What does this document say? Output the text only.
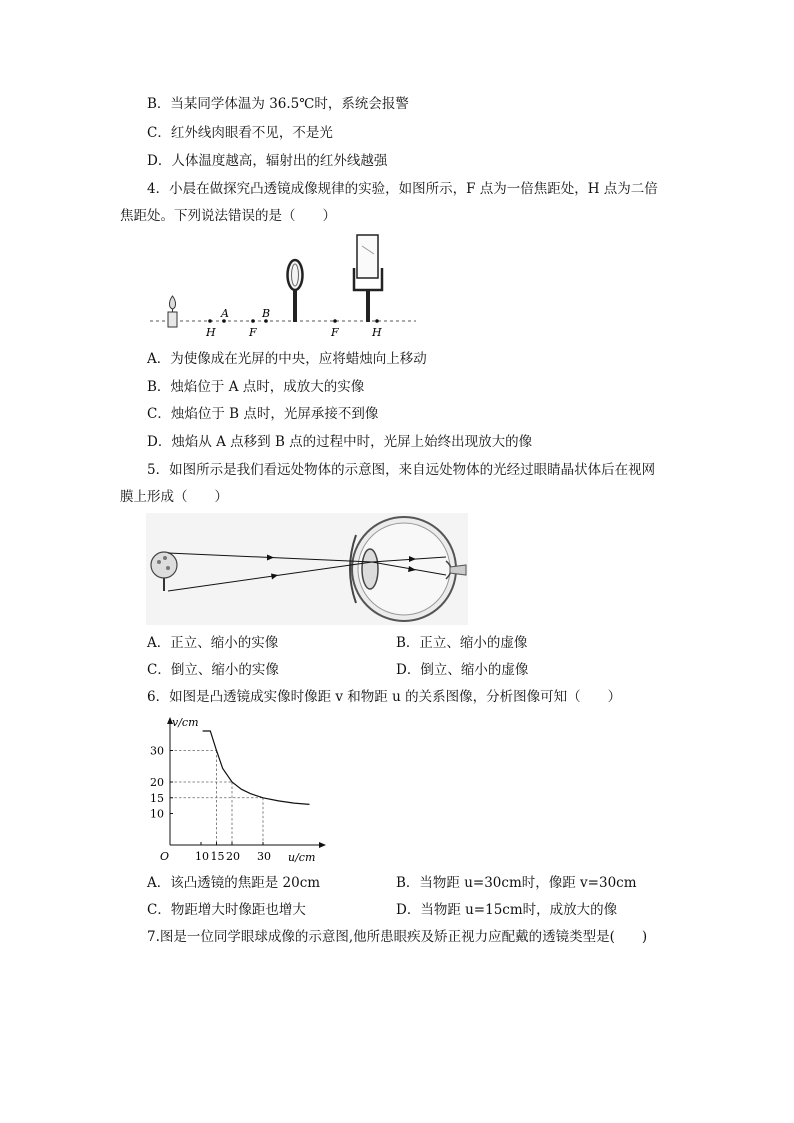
B．当某同学体温为 36.5℃时，系统会报警
C．红外线肉眼看不见，不是光
D．人体温度越高，辐射出的红外线越强
4．小晨在做探究凸透镜成像规律的实验，如图所示，F 点为一倍焦距处，H 点为二倍
焦距处。下列说法错误的是（　　）
H
A
F
B
F	H
A．为使像成在光屏的中央，应将蜡烛向上移动
B．烛焰位于 A 点时，成放大的实像
C．烛焰位于 B 点时，光屏承接不到像
D．烛焰从 A 点移到 B 点的过程中时，光屏上始终出现放大的像
5．如图所示是我们看远处物体的示意图，来自远处物体的光经过眼睛晶状体后在视网
膜上形成（　　）
A．正立、缩小的实像	B．正立、缩小的虚像
C．倒立、缩小的实像	D．倒立、缩小的虚像
6．如图是凸透镜成实像时像距 v 和物距 u 的关系图像，分析图像可知（　　）
v/cm
u/cm
O 10 15 20 30
10
15
20
30
A．该凸透镜的焦距是 20cm	B．当物距 u=30cm时，像距 v=30cm
C．物距增大时像距也增大	D．当物距 u=15cm时，成放大的像
7.图是一位同学眼球成像的示意图,他所患眼疾及矫正视力应配戴的透镜类型是(　　)
